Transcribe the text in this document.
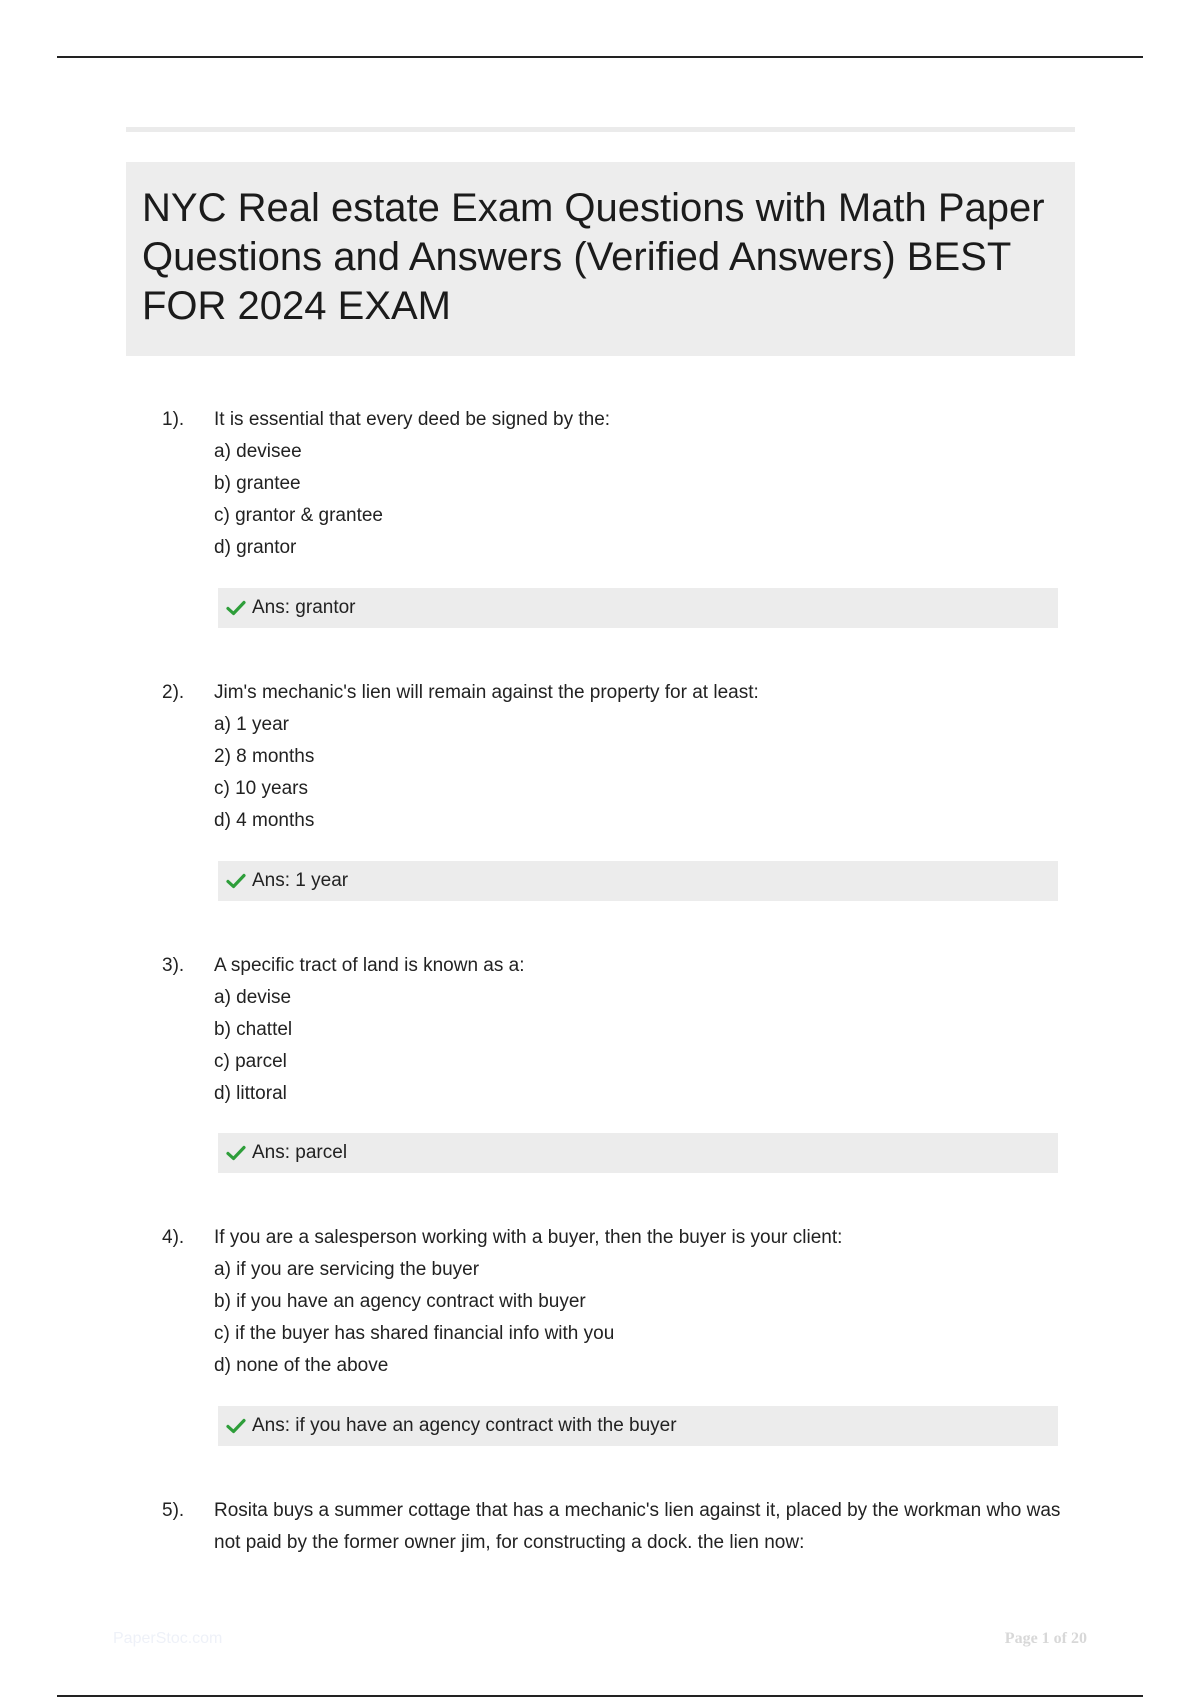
NYC Real estate Exam Questions with Math Paper Questions and Answers (Verified Answers) BEST FOR 2024 EXAM
1). It is essential that every deed be signed by the:
a) devisee
b) grantee
c) grantor & grantee
d) grantor
Ans: grantor
2). Jim's mechanic's lien will remain against the property for at least:
a) 1 year
2) 8 months
c) 10 years
d) 4 months
Ans: 1 year
3). A specific tract of land is known as a:
a) devise
b) chattel
c) parcel
d) littoral
Ans: parcel
4). If you are a salesperson working with a buyer, then the buyer is your client:
a) if you are servicing the buyer
b) if you have an agency contract with buyer
c) if the buyer has shared financial info with you
d) none of the above
Ans: if you have an agency contract with the buyer
5). Rosita buys a summer cottage that has a mechanic's lien against it, placed by the workman who was not paid by the former owner jim, for constructing a dock. the lien now:
PaperStoc.com	Page 1 of 20
